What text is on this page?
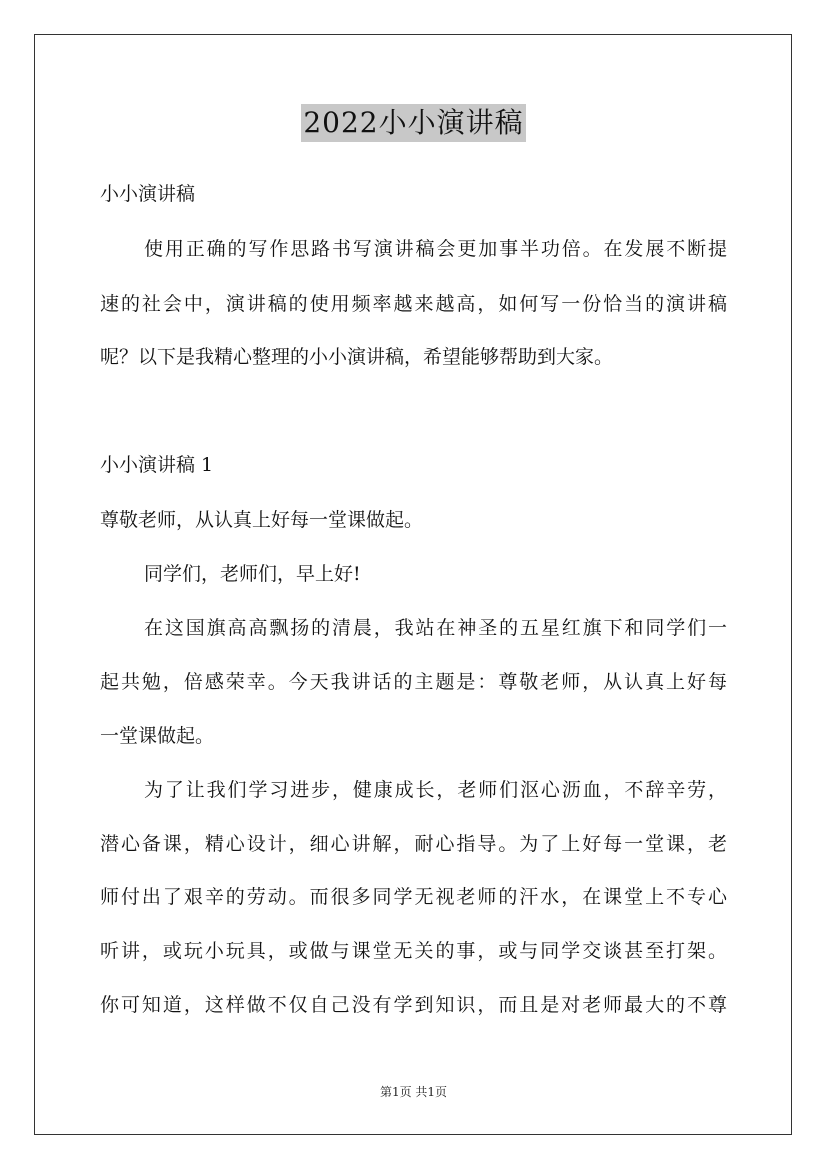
2022小小演讲稿
小小演讲稿
使用正确的写作思路书写演讲稿会更加事半功倍。在发展不断提
速的社会中，演讲稿的使用频率越来越高，如何写一份恰当的演讲稿
呢？以下是我精心整理的小小演讲稿，希望能够帮助到大家。
小小演讲稿 1
尊敬老师，从认真上好每一堂课做起。
同学们，老师们，早上好!
在这国旗高高飘扬的清晨，我站在神圣的五星红旗下和同学们一
起共勉，倍感荣幸。今天我讲话的主题是：尊敬老师，从认真上好每
一堂课做起。
为了让我们学习进步，健康成长，老师们沤心沥血，不辞辛劳，
潜心备课，精心设计，细心讲解，耐心指导。为了上好每一堂课，老
师付出了艰辛的劳动。而很多同学无视老师的汗水，在课堂上不专心
听讲，或玩小玩具，或做与课堂无关的事，或与同学交谈甚至打架。
你可知道，这样做不仅自己没有学到知识，而且是对老师最大的不尊
第1页 共1页
